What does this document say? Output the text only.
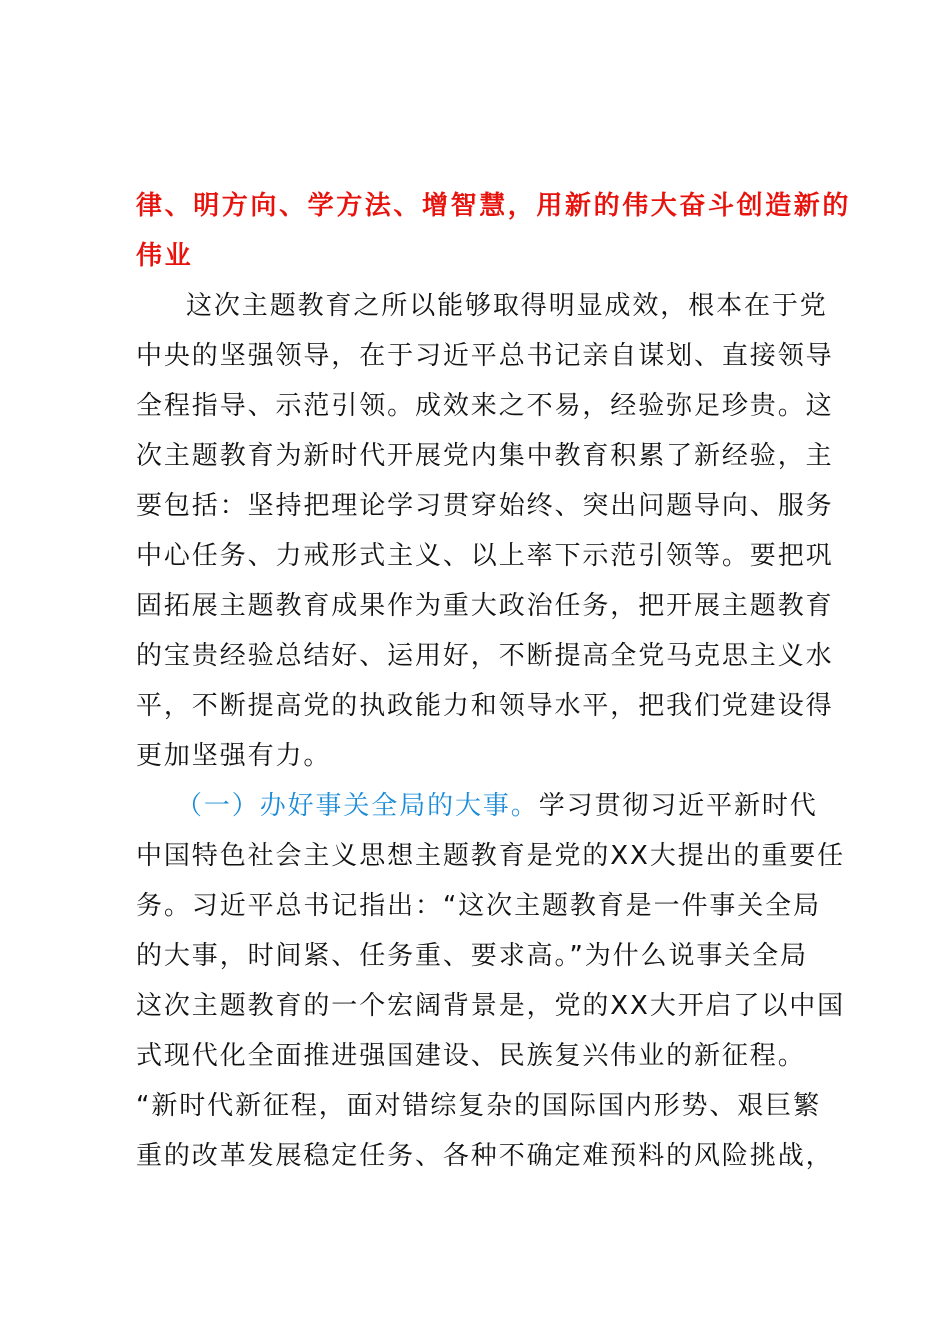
律、明方向、学方法、增智慧，用新的伟大奋斗创造新的
伟业
这次主题教育之所以能够取得明显成效，根本在于党
中央的坚强领导，在于习近平总书记亲自谋划、直接领导
全程指导、示范引领。成效来之不易，经验弥足珍贵。这
次主题教育为新时代开展党内集中教育积累了新经验，主
要包括：坚持把理论学习贯穿始终、突出问题导向、服务
中心任务、力戒形式主义、以上率下示范引领等。要把巩
固拓展主题教育成果作为重大政治任务，把开展主题教育
的宝贵经验总结好、运用好，不断提高全党马克思主义水
平，不断提高党的执政能力和领导水平，把我们党建设得
更加坚强有力。
（一）办好事关全局的大事。学习贯彻习近平新时代
中国特色社会主义思想主题教育是党的XX大提出的重要任
务。习近平总书记指出：“这次主题教育是一件事关全局
的大事，时间紧、任务重、要求高。”为什么说事关全局
这次主题教育的一个宏阔背景是，党的XX大开启了以中国
式现代化全面推进强国建设、民族复兴伟业的新征程。
“新时代新征程，面对错综复杂的国际国内形势、艰巨繁
重的改革发展稳定任务、各种不确定难预料的风险挑战，
